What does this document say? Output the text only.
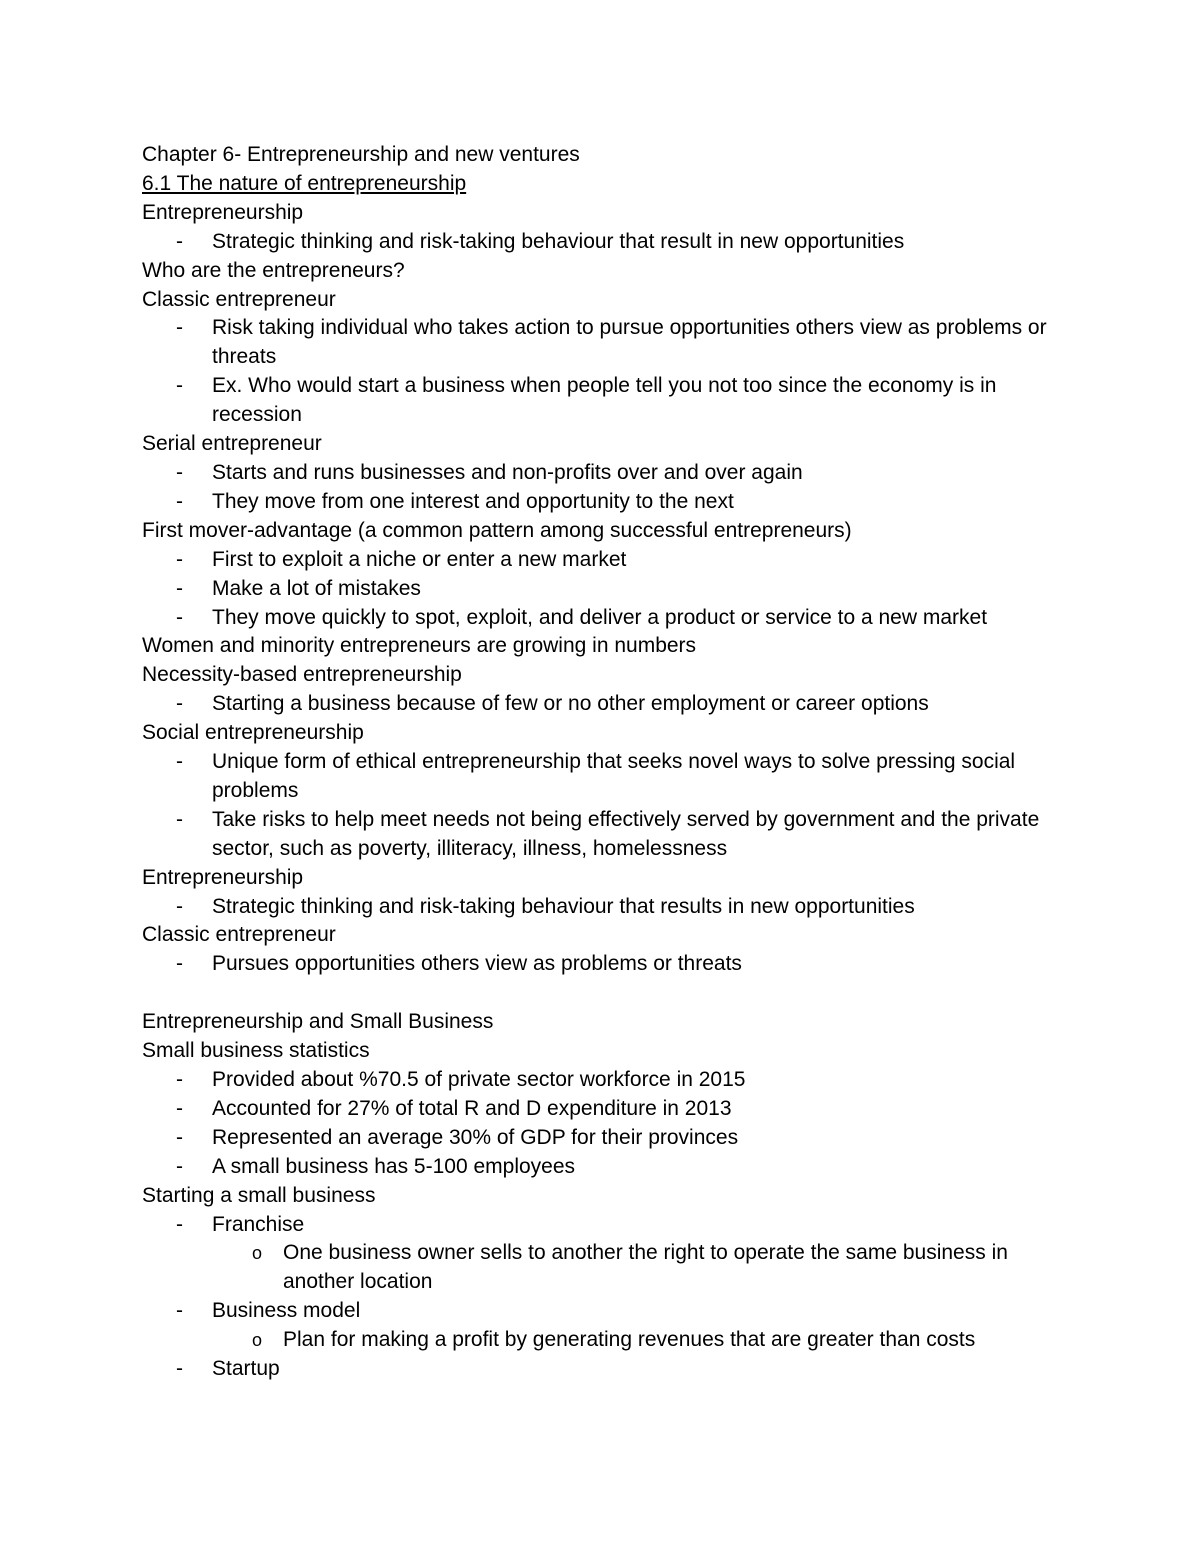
Chapter 6- Entrepreneurship and new ventures
6.1 The nature of entrepreneurship
Entrepreneurship
- Strategic thinking and risk-taking behaviour that result in new opportunities
Who are the entrepreneurs?
Classic entrepreneur
- Risk taking individual who takes action to pursue opportunities others view as problems or threats
- Ex. Who would start a business when people tell you not too since the economy is in recession
Serial entrepreneur
- Starts and runs businesses and non-profits over and over again
- They move from one interest and opportunity to the next
First mover-advantage (a common pattern among successful entrepreneurs)
- First to exploit a niche or enter a new market
- Make a lot of mistakes
- They move quickly to spot, exploit, and deliver a product or service to a new market
Women and minority entrepreneurs are growing in numbers
Necessity-based entrepreneurship
- Starting a business because of few or no other employment or career options
Social entrepreneurship
- Unique form of ethical entrepreneurship that seeks novel ways to solve pressing social problems
- Take risks to help meet needs not being effectively served by government and the private sector, such as poverty, illiteracy, illness, homelessness
Entrepreneurship
- Strategic thinking and risk-taking behaviour that results in new opportunities
Classic entrepreneur
- Pursues opportunities others view as problems or threats
Entrepreneurship and Small Business
Small business statistics
- Provided about %70.5 of private sector workforce in 2015
- Accounted for 27% of total R and D expenditure in 2013
- Represented an average 30% of GDP for their provinces
- A small business has 5-100 employees
Starting a small business
- Franchise
o One business owner sells to another the right to operate the same business in another location
- Business model
o Plan for making a profit by generating revenues that are greater than costs
- Startup
